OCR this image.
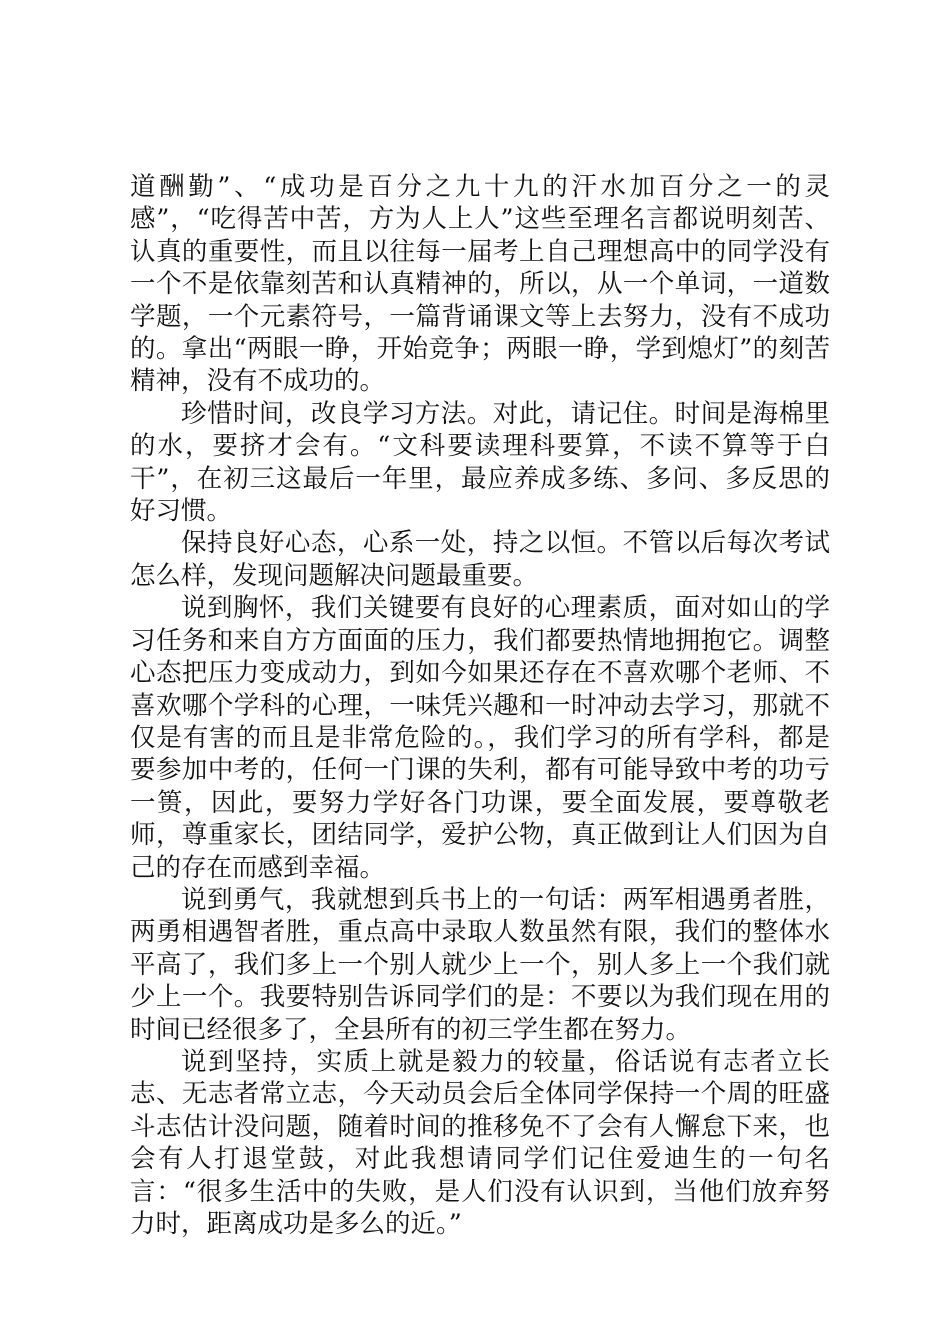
道酬勤”、“成功是百分之九十九的汗水加百分之一的灵感”，“吃得苦中苦，方为人上人”这些至理名言都说明刻苦、认真的重要性，而且以往每一届考上自己理想高中的同学没有一个不是依靠刻苦和认真精神的，所以，从一个单词，一道数学题，一个元素符号，一篇背诵课文等上去努力，没有不成功的。拿出“两眼一睁，开始竞争；两眼一睁，学到熄灯”的刻苦精神，没有不成功的。

珍惜时间，改良学习方法。对此，请记住。时间是海棉里的水，要挤才会有。“文科要读理科要算，不读不算等于白干”，在初三这最后一年里，最应养成多练、多问、多反思的好习惯。

保持良好心态，心系一处，持之以恒。不管以后每次考试怎么样，发现问题解决问题最重要。

说到胸怀，我们关键要有良好的心理素质，面对如山的学习任务和来自方方面面的压力，我们都要热情地拥抱它。调整心态把压力变成动力，到如今如果还存在不喜欢哪个老师、不喜欢哪个学科的心理，一味凭兴趣和一时冲动去学习，那就不仅是有害的而且是非常危险的。，我们学习的所有学科，都是要参加中考的，任何一门课的失利，都有可能导致中考的功亏一篑，因此，要努力学好各门功课，要全面发展，要尊敬老师，尊重家长，团结同学，爱护公物，真正做到让人们因为自己的存在而感到幸福。

说到勇气，我就想到兵书上的一句话：两军相遇勇者胜，两勇相遇智者胜，重点高中录取人数虽然有限，我们的整体水平高了，我们多上一个别人就少上一个，别人多上一个我们就少上一个。我要特别告诉同学们的是：不要以为我们现在用的时间已经很多了，全县所有的初三学生都在努力。

说到坚持，实质上就是毅力的较量，俗话说有志者立长志、无志者常立志，今天动员会后全体同学保持一个周的旺盛斗志估计没问题，随着时间的推移免不了会有人懈怠下来，也会有人打退堂鼓，对此我想请同学们记住爱迪生的一句名言：“很多生活中的失败，是人们没有认识到，当他们放弃努力时，距离成功是多么的近。”
